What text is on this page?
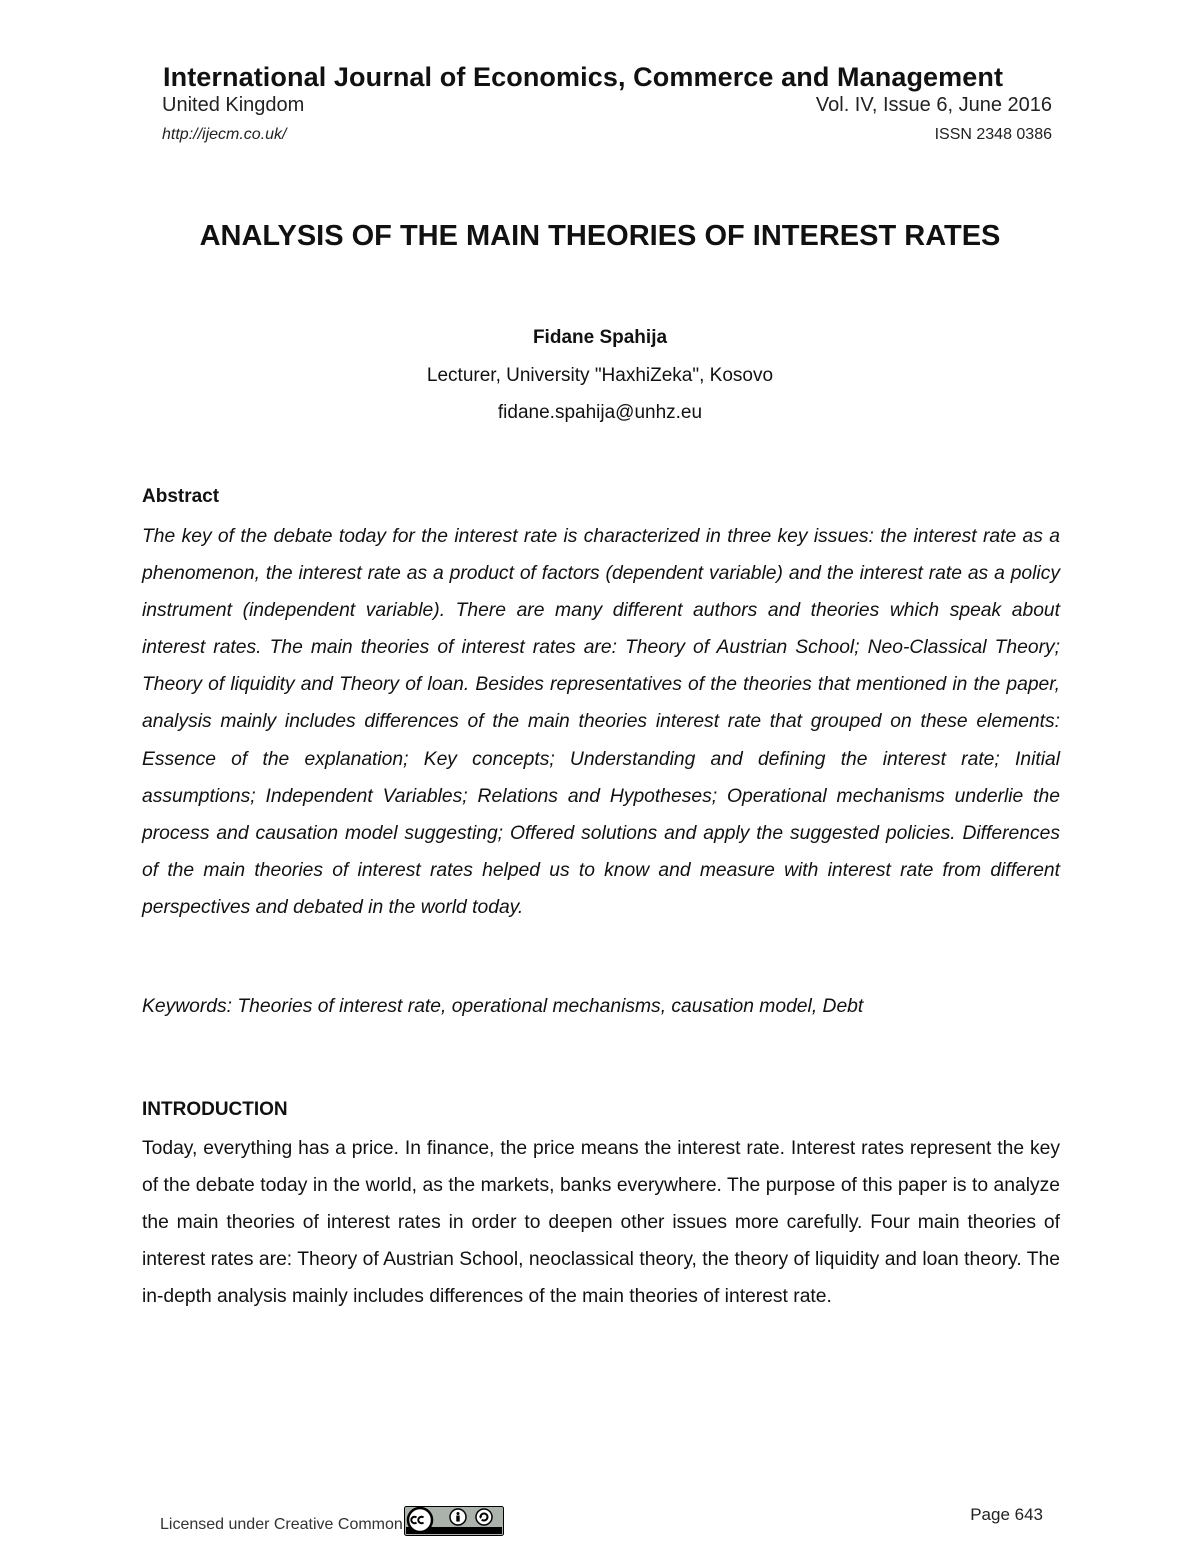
International Journal of Economics, Commerce and Management
United Kingdom	Vol. IV, Issue 6, June 2016
http://ijecm.co.uk/	ISSN 2348 0386
ANALYSIS OF THE MAIN THEORIES OF INTEREST RATES
Fidane Spahija
Lecturer, University "HaxhiZeka", Kosovo
fidane.spahija@unhz.eu
Abstract
The key of the debate today for the interest rate is characterized in three key issues: the interest rate as a phenomenon, the interest rate as a product of factors (dependent variable) and the interest rate as a policy instrument (independent variable). There are many different authors and theories which speak about interest rates. The main theories of interest rates are: Theory of Austrian School; Neo-Classical Theory; Theory of liquidity and Theory of loan. Besides representatives of the theories that mentioned in the paper, analysis mainly includes differences of the main theories interest rate that grouped on these elements: Essence of the explanation; Key concepts; Understanding and defining the interest rate; Initial assumptions; Independent Variables; Relations and Hypotheses; Operational mechanisms underlie the process and causation model suggesting; Offered solutions and apply the suggested policies. Differences of the main theories of interest rates helped us to know and measure with interest rate from different perspectives and debated in the world today.
Keywords: Theories of interest rate, operational mechanisms, causation model, Debt
INTRODUCTION
Today, everything has a price. In finance, the price means the interest rate. Interest rates represent the key of the debate today in the world, as the markets, banks everywhere. The purpose of this paper is to analyze the main theories of interest rates in order to deepen other issues more carefully. Four main theories of interest rates are: Theory of Austrian School, neoclassical theory, the theory of liquidity and loan theory. The in-depth analysis mainly includes differences of the main theories of interest rate.
Licensed under Creative Common
Page 643
